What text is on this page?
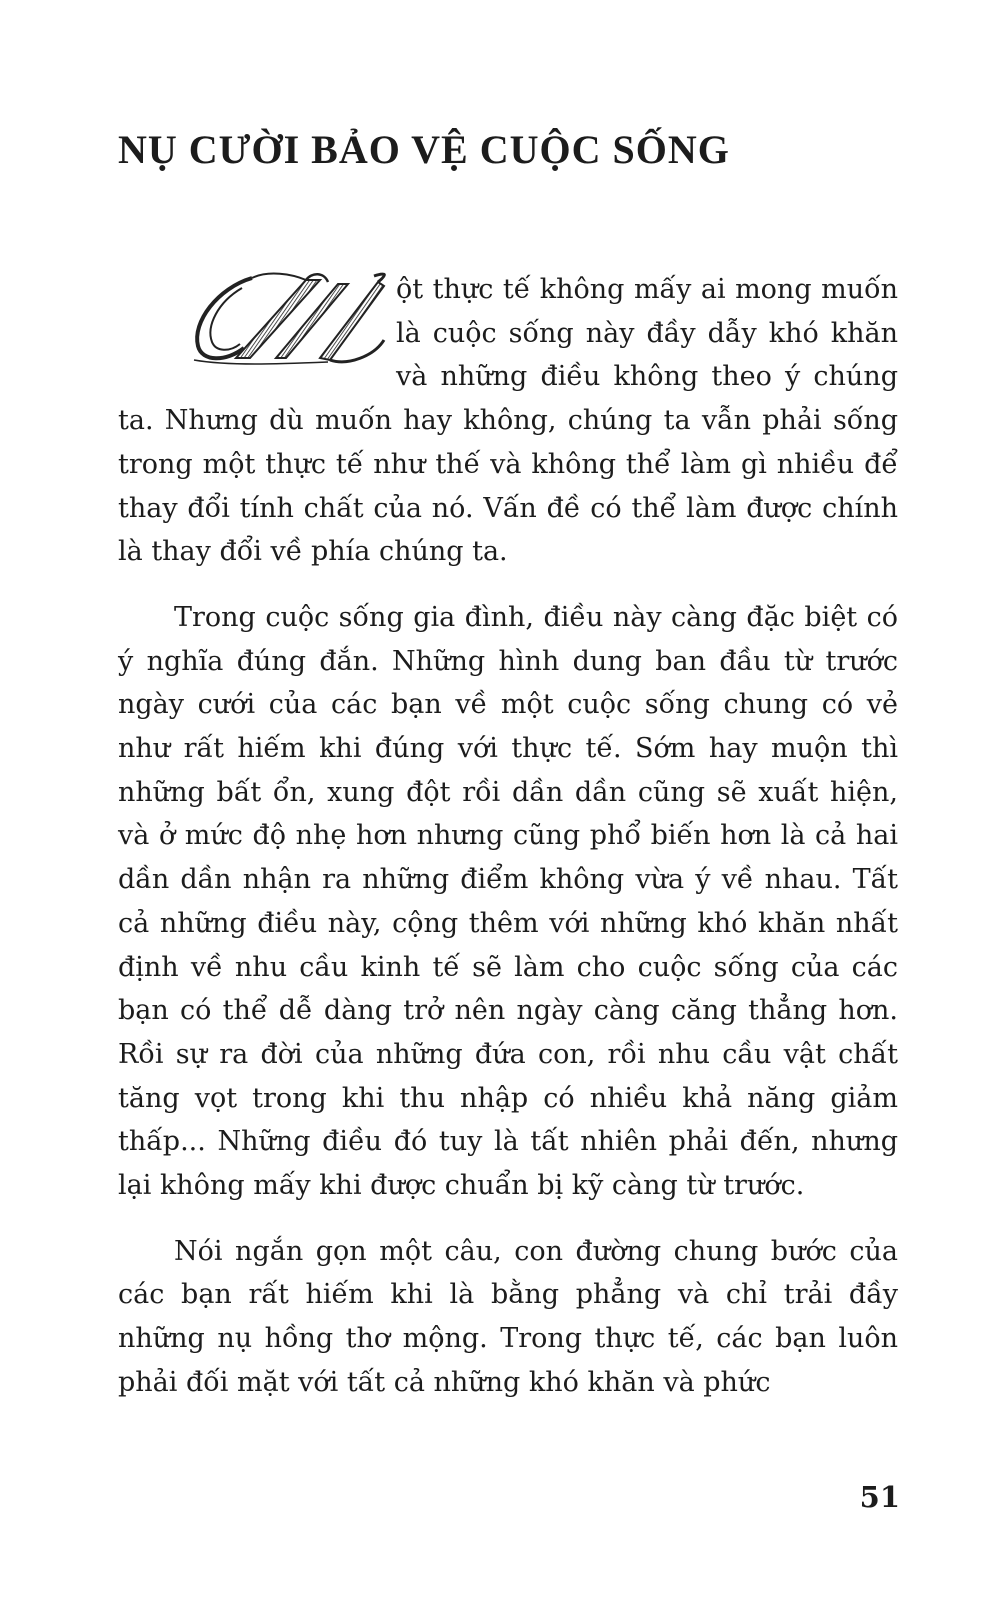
NỤ CƯỜI BẢO VỆ CUỘC SỐNG

ột thực tế không mấy ai mong muốn là cuộc sống này đầy dẫy khó khăn và những điều không theo ý chúng ta. Nhưng dù muốn hay không, chúng ta vẫn phải sống trong một thực tế như thế và không thể làm gì nhiều để thay đổi tính chất của nó. Vấn đề có thể làm được chính là thay đổi về phía chúng ta.

Trong cuộc sống gia đình, điều này càng đặc biệt có ý nghĩa đúng đắn. Những hình dung ban đầu từ trước ngày cưới của các bạn về một cuộc sống chung có vẻ như rất hiếm khi đúng với thực tế. Sớm hay muộn thì những bất ổn, xung đột rồi dần dần cũng sẽ xuất hiện, và ở mức độ nhẹ hơn nhưng cũng phổ biến hơn là cả hai dần dần nhận ra những điểm không vừa ý về nhau. Tất cả những điều này, cộng thêm với những khó khăn nhất định về nhu cầu kinh tế sẽ làm cho cuộc sống của các bạn có thể dễ dàng trở nên ngày càng căng thẳng hơn. Rồi sự ra đời của những đứa con, rồi nhu cầu vật chất tăng vọt trong khi thu nhập có nhiều khả năng giảm thấp... Những điều đó tuy là tất nhiên phải đến, nhưng lại không mấy khi được chuẩn bị kỹ càng từ trước.

Nói ngắn gọn một câu, con đường chung bước của các bạn rất hiếm khi là bằng phẳng và chỉ trải đầy những nụ hồng thơ mộng. Trong thực tế, các bạn luôn phải đối mặt với tất cả những khó khăn và phức

51
